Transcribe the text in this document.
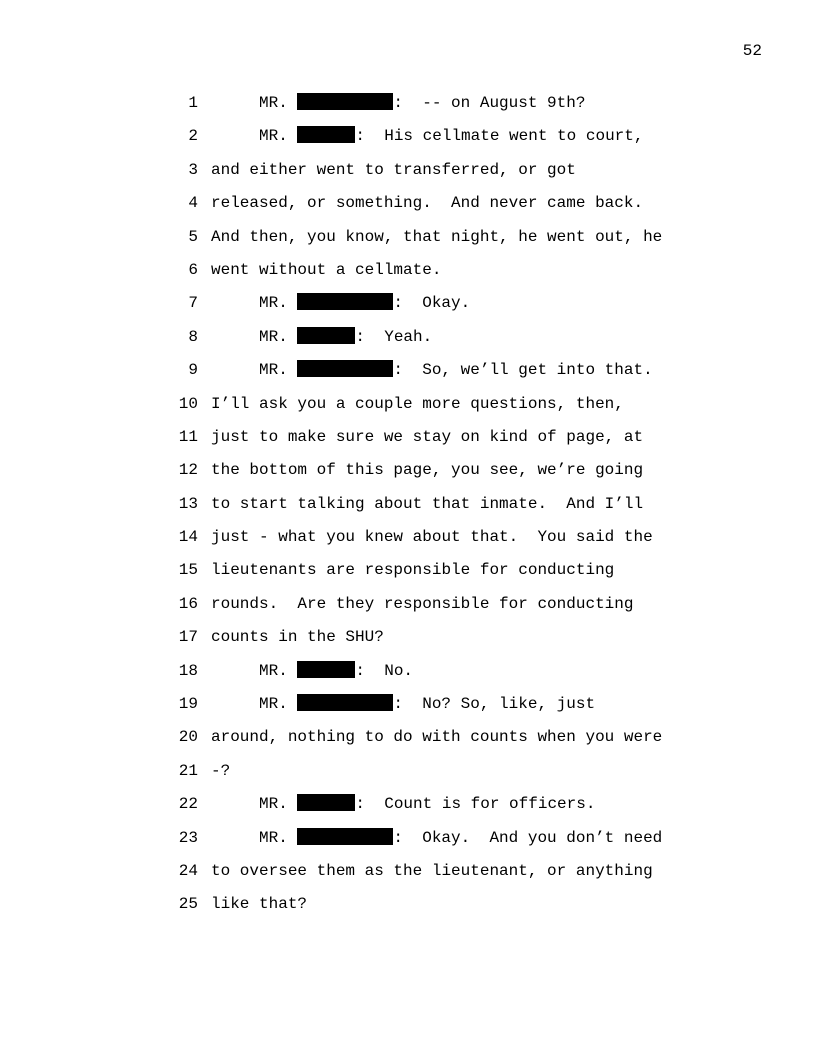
52
1	MR.	:  -- on August 9th?
2	MR.	:  His cellmate went to court,
3 and either went to transferred, or got
4 released, or something.  And never came back.
5 And then, you know, that night, he went out, he
6 went without a cellmate.
7	MR.	:  Okay.
8	MR.	:  Yeah.
9	MR.	:  So, we’ll get into that.
10 I’ll ask you a couple more questions, then,
11 just to make sure we stay on kind of page, at
12 the bottom of this page, you see, we’re going
13 to start talking about that inmate.  And I’ll
14 just - what you knew about that.  You said the
15 lieutenants are responsible for conducting
16 rounds.  Are they responsible for conducting
17 counts in the SHU?
18	MR.	:  No.
19	MR.	:  No? So, like, just
20 around, nothing to do with counts when you were
21 -?
22	MR.	:  Count is for officers.
23	MR.	:  Okay.  And you don’t need
24 to oversee them as the lieutenant, or anything
25 like that?
